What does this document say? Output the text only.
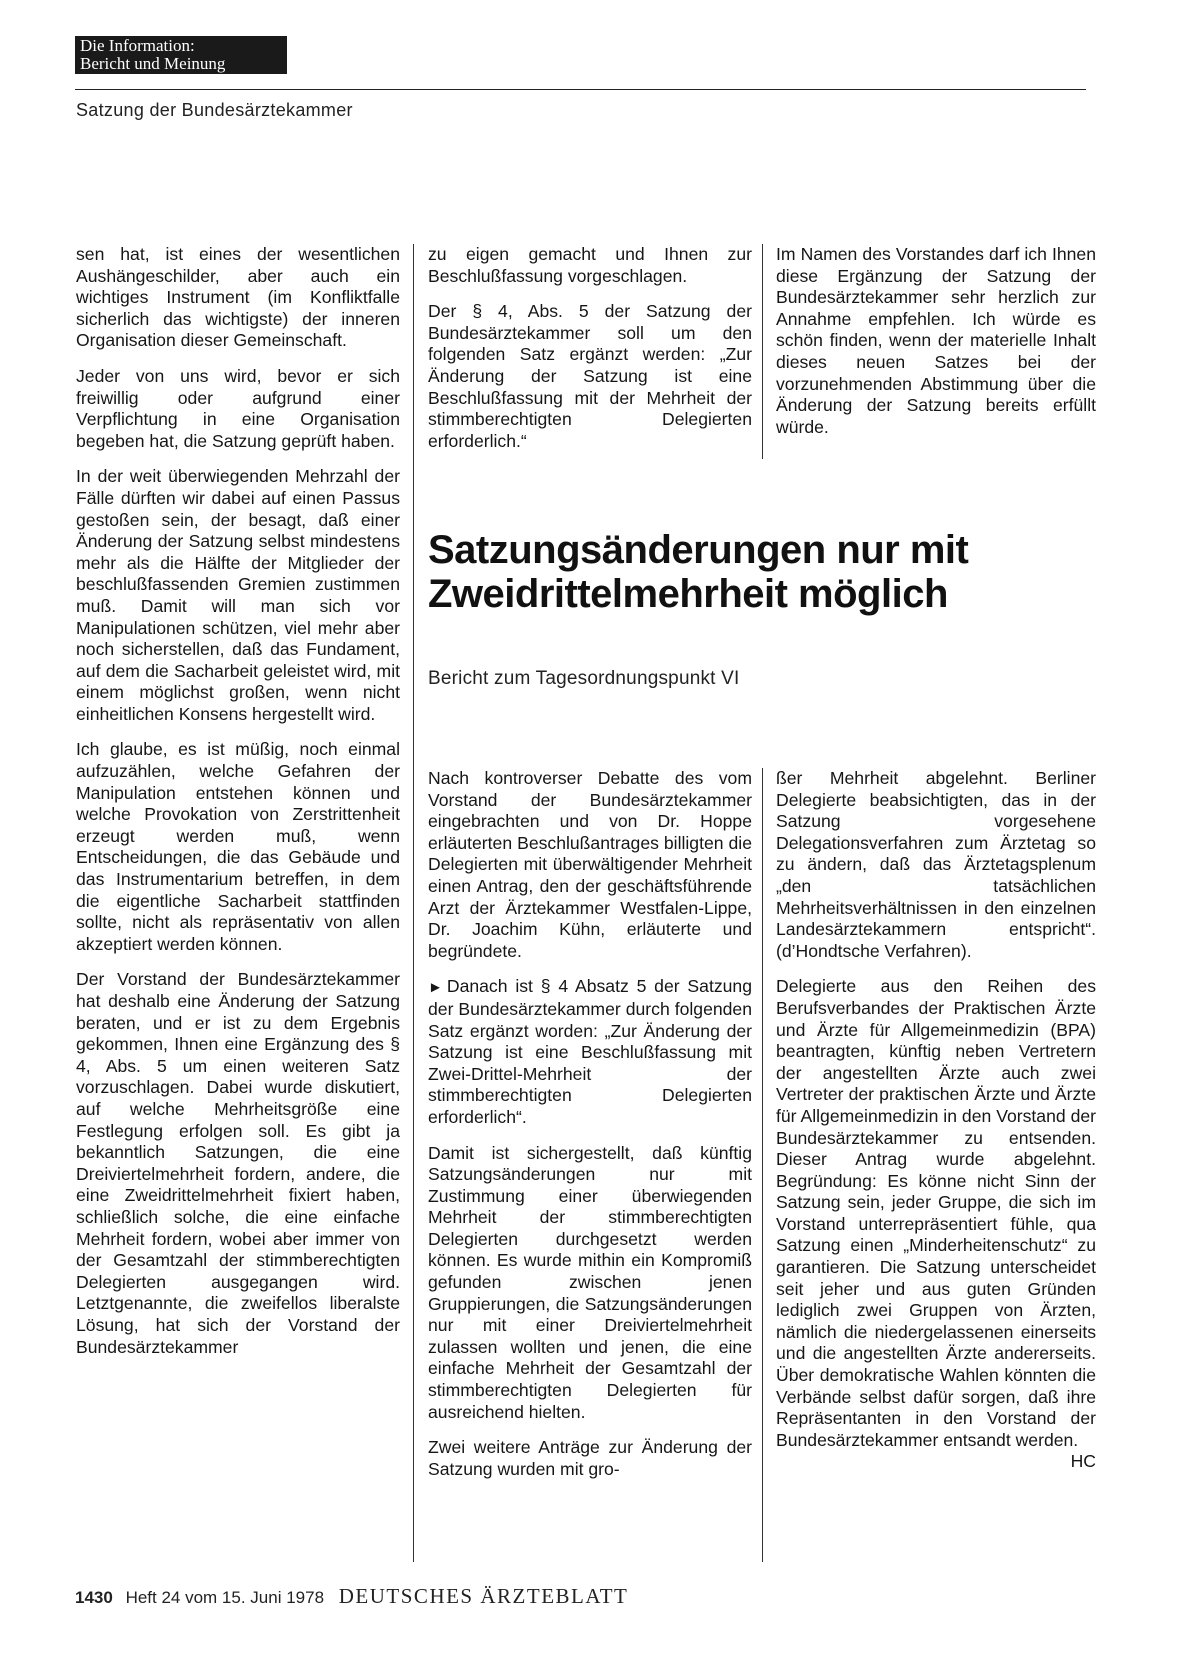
Die Information:
Bericht und Meinung
Satzung der Bundesärztekammer

sen hat, ist eines der wesentlichen Aushängeschilder, aber auch ein wichtiges Instrument (im Konfliktfalle sicherlich das wichtigste) der inneren Organisation dieser Gemeinschaft.

Jeder von uns wird, bevor er sich freiwillig oder aufgrund einer Verpflichtung in eine Organisation begeben hat, die Satzung geprüft haben.

In der weit überwiegenden Mehrzahl der Fälle dürften wir dabei auf einen Passus gestoßen sein, der besagt, daß einer Änderung der Satzung selbst mindestens mehr als die Hälfte der Mitglieder der beschlußfassenden Gremien zustimmen muß. Damit will man sich vor Manipulationen schützen, viel mehr aber noch sicherstellen, daß das Fundament, auf dem die Sacharbeit geleistet wird, mit einem möglichst großen, wenn nicht einheitlichen Konsens hergestellt wird.

Ich glaube, es ist müßig, noch einmal aufzuzählen, welche Gefahren der Manipulation entstehen können und welche Provokation von Zerstrittenheit erzeugt werden muß, wenn Entscheidungen, die das Gebäude und das Instrumentarium betreffen, in dem die eigentliche Sacharbeit stattfinden sollte, nicht als repräsentativ von allen akzeptiert werden können.

Der Vorstand der Bundesärztekammer hat deshalb eine Änderung der Satzung beraten, und er ist zu dem Ergebnis gekommen, Ihnen eine Ergänzung des § 4, Abs. 5 um einen weiteren Satz vorzuschlagen. Dabei wurde diskutiert, auf welche Mehrheitsgröße eine Festlegung erfolgen soll. Es gibt ja bekanntlich Satzungen, die eine Dreiviertelmehrheit fordern, andere, die eine Zweidrittelmehrheit fixiert haben, schließlich solche, die eine einfache Mehrheit fordern, wobei aber immer von der Gesamtzahl der stimmberechtigten Delegierten ausgegangen wird. Letztgenannte, die zweifellos liberalste Lösung, hat sich der Vorstand der Bundesärztekammer

zu eigen gemacht und Ihnen zur Beschlußfassung vorgeschlagen.

Der § 4, Abs. 5 der Satzung der Bundesärztekammer soll um den folgenden Satz ergänzt werden: „Zur Änderung der Satzung ist eine Beschlußfassung mit der Mehrheit der stimmberechtigten Delegierten erforderlich.“

Im Namen des Vorstandes darf ich Ihnen diese Ergänzung der Satzung der Bundesärztekammer sehr herzlich zur Annahme empfehlen. Ich würde es schön finden, wenn der materielle Inhalt dieses neuen Satzes bei der vorzunehmenden Abstimmung über die Änderung der Satzung bereits erfüllt würde.

Satzungsänderungen nur mit
Zweidrittelmehrheit möglich
Bericht zum Tagesordnungspunkt VI

Nach kontroverser Debatte des vom Vorstand der Bundesärztekammer eingebrachten und von Dr. Hoppe erläuterten Beschlußantrages billigten die Delegierten mit überwältigender Mehrheit einen Antrag, den der geschäftsführende Arzt der Ärztekammer Westfalen-Lippe, Dr. Joachim Kühn, erläuterte und begründete.

► Danach ist § 4 Absatz 5 der Satzung der Bundesärztekammer durch folgenden Satz ergänzt worden: „Zur Änderung der Satzung ist eine Beschlußfassung mit Zwei-Drittel-Mehrheit der stimmberechtigten Delegierten erforderlich“.

Damit ist sichergestellt, daß künftig Satzungsänderungen nur mit Zustimmung einer überwiegenden Mehrheit der stimmberechtigten Delegierten durchgesetzt werden können. Es wurde mithin ein Kompromiß gefunden zwischen jenen Gruppierungen, die Satzungsänderungen nur mit einer Dreiviertelmehrheit zulassen wollten und jenen, die eine einfache Mehrheit der Gesamtzahl der stimmberechtigten Delegierten für ausreichend hielten.

Zwei weitere Anträge zur Änderung der Satzung wurden mit gro-

ßer Mehrheit abgelehnt. Berliner Delegierte beabsichtigten, das in der Satzung vorgesehene Delegationsverfahren zum Ärztetag so zu ändern, daß das Ärztetagsplenum „den tatsächlichen Mehrheitsverhältnissen in den einzelnen Landesärztekammern entspricht“. (d’Hondtsche Verfahren).

Delegierte aus den Reihen des Berufsverbandes der Praktischen Ärzte und Ärzte für Allgemeinmedizin (BPA) beantragten, künftig neben Vertretern der angestellten Ärzte auch zwei Vertreter der praktischen Ärzte und Ärzte für Allgemeinmedizin in den Vorstand der Bundesärztekammer zu entsenden. Dieser Antrag wurde abgelehnt. Begründung: Es könne nicht Sinn der Satzung sein, jeder Gruppe, die sich im Vorstand unterrepräsentiert fühle, qua Satzung einen „Minderheitenschutz“ zu garantieren. Die Satzung unterscheidet seit jeher und aus guten Gründen lediglich zwei Gruppen von Ärzten, nämlich die niedergelassenen einerseits und die angestellten Ärzte andererseits. Über demokratische Wahlen könnten die Verbände selbst dafür sorgen, daß ihre Repräsentanten in den Vorstand der Bundesärztekammer entsandt werden.
HC

1430 Heft 24 vom 15. Juni 1978 DEUTSCHES ÄRZTEBLATT
